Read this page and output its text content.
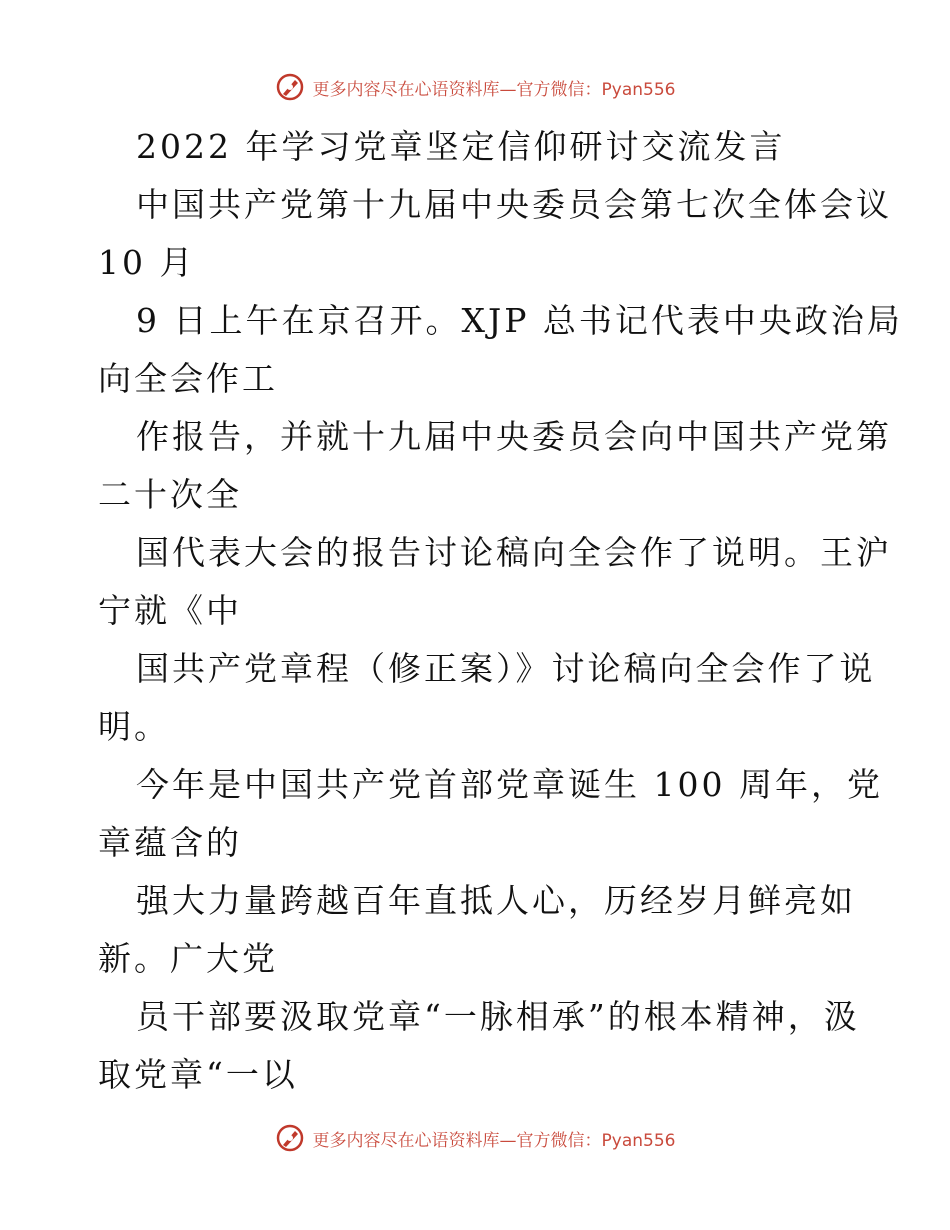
更多内容尽在心语资料库—官方微信：Pyan556
2022 年学习党章坚定信仰研讨交流发言
中国共产党第十九届中央委员会第七次全体会议
10 月
9 日上午在京召开。XJP 总书记代表中央政治局
向全会作工
作报告，并就十九届中央委员会向中国共产党第
二十次全
国代表大会的报告讨论稿向全会作了说明。王沪
宁就《中
国共产党章程（修正案）》讨论稿向全会作了说
明。
今年是中国共产党首部党章诞生 100 周年，党
章蕴含的
强大力量跨越百年直抵人心，历经岁月鲜亮如
新。广大党
员干部要汲取党章“一脉相承”的根本精神，汲
取党章“一以
更多内容尽在心语资料库—官方微信：Pyan556
